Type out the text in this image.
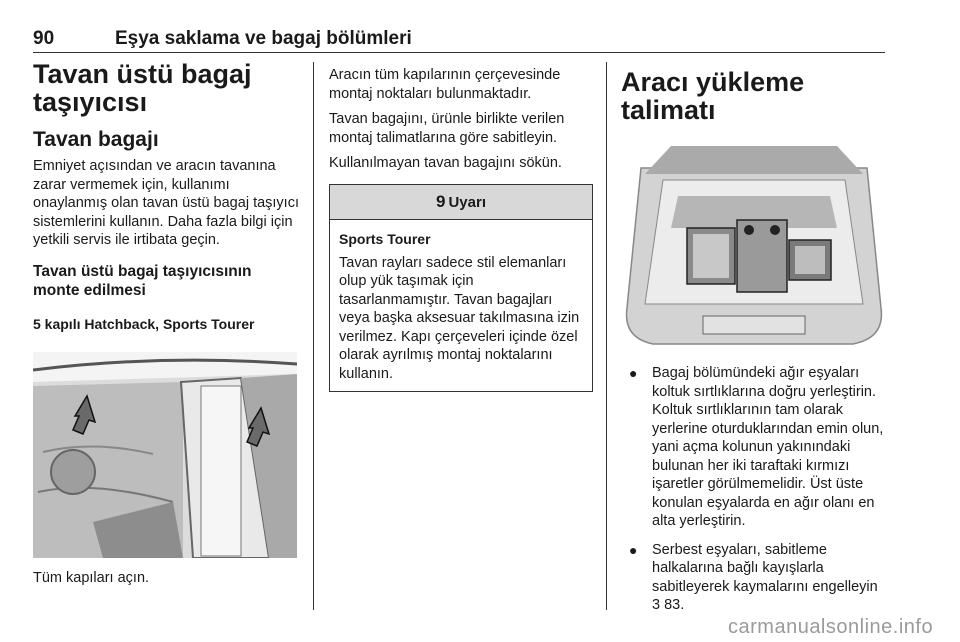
90	Eşya saklama ve bagaj bölümleri
Tavan üstü bagaj taşıyıcısı
Tavan bagajı

Emniyet açısından ve aracın tavanına zarar vermemek için, kullanımı onaylanmış olan tavan üstü bagaj taşıyıcı sistemlerini kullanın. Daha fazla bilgi için yetkili servis ile irtibata geçin.

Tavan üstü bagaj taşıyıcısının monte edilmesi
5 kapılı Hatchback, Sports Tourer

Tüm kapıları açın.

Aracın tüm kapılarının çerçevesinde montaj noktaları bulunmaktadır.

Tavan bagajını, ürünle birlikte verilen montaj talimatlarına göre sabitleyin.

Kullanılmayan tavan bagajını sökün.

9 Uyarı
Sports Tourer

Tavan rayları sadece stil elemanları olup yük taşımak için tasarlanmamıştır. Tavan bagajları veya başka aksesuar takılmasına izin verilmez. Kapı çerçeveleri içinde özel olarak ayrılmış montaj noktalarını kullanın.

Aracı yükleme talimatı
● Bagaj bölümündeki ağır eşyaları koltuk sırtlıklarına doğru yerleştirin. Koltuk sırtlıklarının tam olarak yerlerine oturduklarından emin olun, yani açma kolunun yakınındaki bulunan her iki taraftaki kırmızı işaretler görülmemelidir. Üst üste konulan eşyalarda en ağır olanı en alta yerleştirin.
● Serbest eşyaları, sabitleme halkalarına bağlı kayışlarla sabitleyerek kaymalarını engelleyin 3 83.
carmanualsonline.info
